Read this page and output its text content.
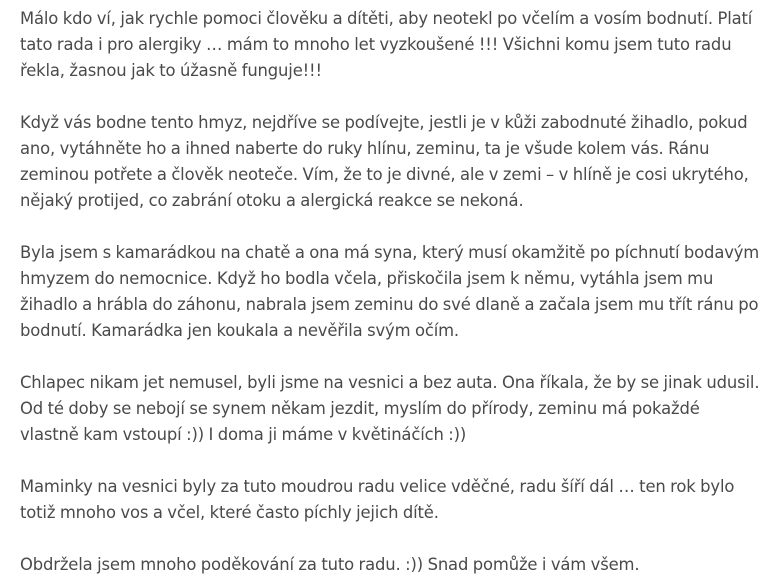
Málo kdo ví, jak rychle pomoci člověku a dítěti, aby neotekl po včelím a vosím bodnutí. Platí tato rada i pro alergiky … mám to mnoho let vyzkoušené !!! Všichni komu jsem tuto radu řekla, žasnou jak to úžasně funguje!!!

Když vás bodne tento hmyz, nejdříve se podívejte, jestli je v kůži zabodnuté žihadlo, pokud ano, vytáhněte ho a ihned naberte do ruky hlínu, zeminu, ta je všude kolem vás. Ránu zeminou potřete a člověk neoteče. Vím, že to je divné, ale v zemi – v hlíně je cosi ukrytého, nějaký protijed, co zabrání otoku a alergická reakce se nekoná.

Byla jsem s kamarádkou na chatě a ona má syna, který musí okamžitě po píchnutí bodavým hmyzem do nemocnice. Když ho bodla včela, přiskočila jsem k němu, vytáhla jsem mu žihadlo a hrábla do záhonu, nabrala jsem zeminu do své dlaně a začala jsem mu třít ránu po bodnutí. Kamarádka jen koukala a nevěřila svým očím.

Chlapec nikam jet nemusel, byli jsme na vesnici a bez auta. Ona říkala, že by se jinak udusil. Od té doby se nebojí se synem někam jezdit, myslím do přírody, zeminu má pokaždé vlastně kam vstoupí :)) I doma ji máme v květináčích :))

Maminky na vesnici byly za tuto moudrou radu velice vděčné, radu šíří dál … ten rok bylo totiž mnoho vos a včel, které často píchly jejich dítě.

Obdržela jsem mnoho poděkování za tuto radu. :)) Snad pomůže i vám všem.
